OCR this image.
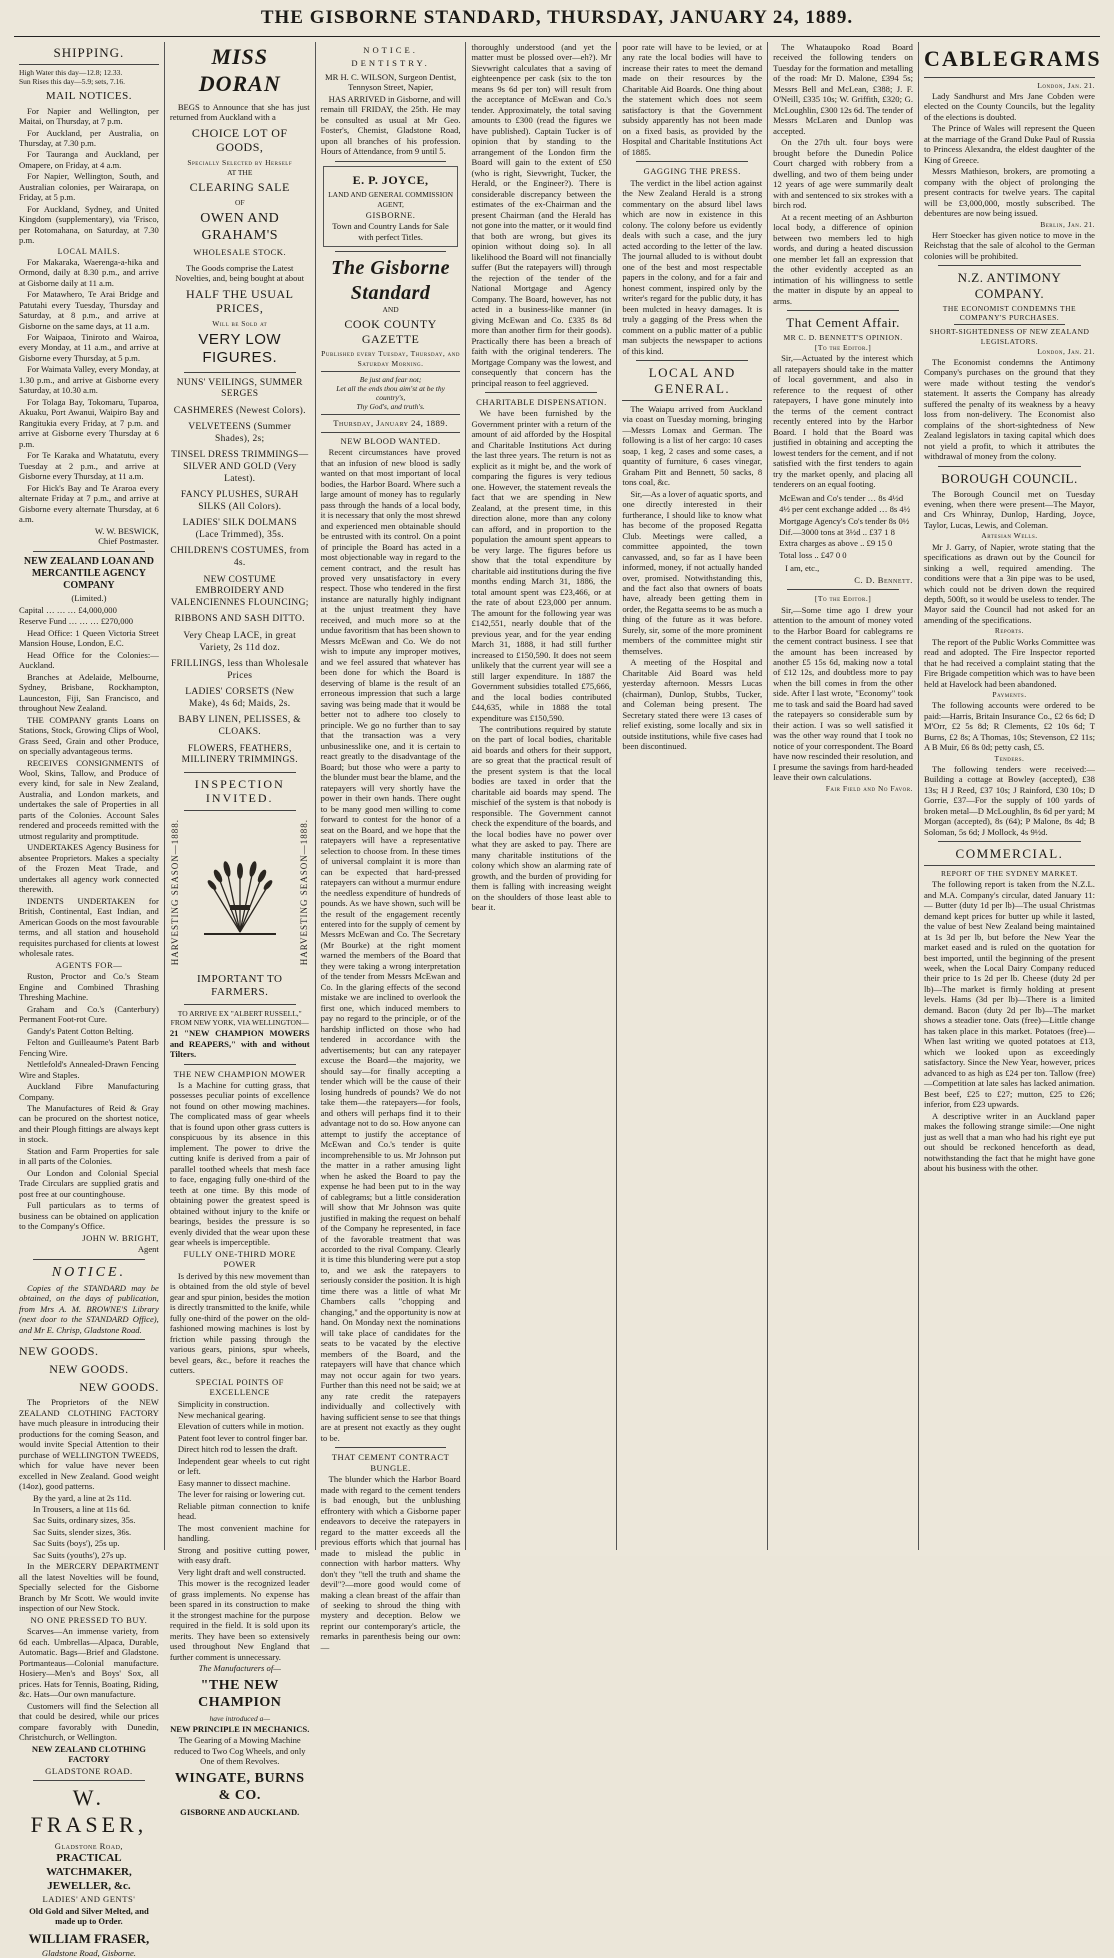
THE GISBORNE STANDARD, THURSDAY, JANUARY 24, 1889.
SHIPPING.

High Water this day—12.8; 12.33.
Sun Rises this day—5.9; sets, 7.16.

MAIL NOTICES.

For Napier and Wellington, per Maitai, on Thursday, at 7 p.m.

For Auckland, per Australia, on Thursday, at 7.30 p.m.

For Tauranga and Auckland, per Omapere, on Friday, at 4 a.m.

For Napier, Wellington, South, and Australian colonies, per Wairarapa, on Friday, at 5 p.m.

For Auckland, Sydney, and United Kingdom (supplementary), via 'Frisco, per Rotomahana, on Saturday, at 7.30 p.m.

LOCAL MAILS.

For Makaraka, Waerenga-a-hika and Ormond, daily at 8.30 p.m., and arrive at Gisborne daily at 11 a.m.

For Matawhero, Te Arai Bridge and Patutahi every Tuesday, Thursday and Saturday, at 8 p.m., and arrive at Gisborne on the same days, at 11 a.m.

For Waipaoa, Tiniroto and Wairoa, every Monday, at 11 a.m., and arrive at Gisborne every Thursday, at 5 p.m.

For Waimata Valley, every Monday, at 1.30 p.m., and arrive at Gisborne every Saturday, at 10.30 a.m.

For Tolaga Bay, Tokomaru, Tuparoa, Akuaku, Port Awanui, Waipiro Bay and Rangitukia every Friday, at 7 p.m. and arrive at Gisborne every Thursday at 6 p.m.

For Te Karaka and Whatatutu, every Tuesday at 2 p.m., and arrive at Gisborne every Thursday, at 11 a.m.

For Hick's Bay and Te Araroa every alternate Friday at 7 p.m., and arrive at Gisborne every alternate Thursday, at 6 a.m.

W. W. BESWICK,
Chief Postmaster.

NEW ZEALAND LOAN AND MERCANTILE AGENCY COMPANY

(Limited.)

Capital … … … £4,000,000

Reserve Fund … … … £270,000

Head Office: 1 Queen Victoria Street Mansion House, London, E.C.

Head Office for the Colonies:—Auckland.

Branches at Adelaide, Melbourne, Sydney, Brisbane, Rockhampton, Launceston, Fiji, San Francisco, and throughout New Zealand.

THE COMPANY grants Loans on Stations, Stock, Growing Clips of Wool, Grass Seed, Grain and other Produce, on specially advantageous terms.

RECEIVES CONSIGNMENTS of Wool, Skins, Tallow, and Produce of every kind, for sale in New Zealand, Australia, and London markets, and undertakes the sale of Properties in all parts of the Colonies. Account Sales rendered and proceeds remitted with the utmost regularity and promptitude.

UNDERTAKES Agency Business for absentee Proprietors. Makes a specialty of the Frozen Meat Trade, and undertakes all agency work connected therewith.

INDENTS UNDERTAKEN for British, Continental, East Indian, and American Goods on the most favourable terms, and all station and household requisites purchased for clients at lowest wholesale rates.

AGENTS FOR—

Ruston, Proctor and Co.'s Steam Engine and Combined Thrashing Threshing Machine.

Graham and Co.'s (Canterbury) Permanent Foot-rot Cure.

Gandy's Patent Cotton Belting.

Felton and Guilleaume's Patent Barb Fencing Wire.

Nettlefold's Annealed-Drawn Fencing Wire and Staples.

Auckland Fibre Manufacturing Company.

The Manufactures of Reid & Gray can be procured on the shortest notice, and their Plough fittings are always kept in stock.

Station and Farm Properties for sale in all parts of the Colonies.

Our London and Colonial Special Trade Circulars are supplied gratis and post free at our countinghouse.

Full particulars as to terms of business can be obtained on application to the Company's Office.

JOHN W. BRIGHT,

Agent

NOTICE.

Copies of the STANDARD may be obtained, on the days of publication, from Mrs A. M. BROWNE'S Library (next door to the STANDARD Office), and Mr E. Chrisp, Gladstone Road.

NEW GOODS.
NEW GOODS.
NEW GOODS.

The Proprietors of the NEW ZEALAND CLOTHING FACTORY have much pleasure in introducing their productions for the coming Season, and would invite Special Attention to their purchase of WELLINGTON TWEEDS, which for value have never been excelled in New Zealand. Good weight (14oz), good patterns.

By the yard, a line at 2s 11d.

In Trousers, a line at 11s 6d.

Sac Suits, ordinary sizes, 35s.

Sac Suits, slender sizes, 36s.

Sac Suits (boys'), 25s up.

Sac Suits (youths'), 27s up.

In the MERCERY DEPARTMENT all the latest Novelties will be found, Specially selected for the Gisborne Branch by Mr Scott. We would invite inspection of our New Stock.

NO ONE PRESSED TO BUY.

Scarves—An immense variety, from 6d each. Umbrellas—Alpaca, Durable, Automatic. Bags—Brief and Gladstone. Portmanteaus—Colonial manufacture. Hosiery—Men's and Boys' Sox, all prices. Hats for Tennis, Boating, Riding, &c. Hats—Our own manufacture.

Customers will find the Selection all that could be desired, while our prices compare favorably with Dunedin, Christchurch, or Wellington.

NEW ZEALAND CLOTHING FACTORY

GLADSTONE ROAD.

W. FRASER,

Gladstone Road,

PRACTICAL WATCHMAKER,

JEWELLER, &c.

LADIES' AND GENTS'

Old Gold and Silver Melted, and made up to Order.

WILLIAM FRASER,

Gladstone Road, Gisborne.

MISS DORAN

BEGS to Announce that she has just returned from Auckland with a

CHOICE LOT OF GOODS,

Specially Selected by Herself

AT THE

CLEARING SALE

OF

OWEN AND GRAHAM'S

WHOLESALE STOCK.

The Goods comprise the Latest Novelties, and, being bought at about

HALF THE USUAL PRICES,

Will be Sold at

VERY LOW FIGURES.

NUNS' VEILINGS, SUMMER SERGES

CASHMERES (Newest Colors).

VELVETEENS (Summer Shades), 2s;

TINSEL DRESS TRIMMINGS—SILVER AND GOLD (Very Latest).

FANCY PLUSHES, SURAH SILKS (All Colors).

LADIES' SILK DOLMANS (Lace Trimmed), 35s.

CHILDREN'S COSTUMES, from 4s.

NEW COSTUME EMBROIDERY AND VALENCIENNES FLOUNCING;

RIBBONS AND SASH DITTO.

Very Cheap LACE, in great Variety, 2s 11d doz.

FRILLINGS, less than Wholesale Prices

LADIES' CORSETS (New Make), 4s 6d; Maids, 2s.

BABY LINEN, PELISSES, & CLOAKS.

FLOWERS, FEATHERS, MILLINERY TRIMMINGS.

INSPECTION INVITED.
HARVESTING SEASON—1888.	HARVESTING SEASON—1888.
IMPORTANT TO FARMERS.

TO ARRIVE EX "ALBERT RUSSELL," FROM NEW YORK, VIA WELLINGTON—

21 "NEW CHAMPION MOWERS and REAPERS," with and without Tilters.

THE NEW CHAMPION MOWER

Is a Machine for cutting grass, that possesses peculiar points of excellence not found on other mowing machines. The complicated mass of gear wheels that is found upon other grass cutters is conspicuous by its absence in this implement. The power to drive the cutting knife is derived from a pair of parallel toothed wheels that mesh face to face, engaging fully one-third of the teeth at one time. By this mode of obtaining power the greatest speed is obtained without injury to the knife or bearings, besides the pressure is so evenly divided that the wear upon these gear wheels is imperceptible.

FULLY ONE-THIRD MORE POWER

Is derived by this new movement than is obtained from the old style of bevel gear and spur pinion, besides the motion is directly transmitted to the knife, while fully one-third of the power on the old-fashioned mowing machines is lost by friction while passing through the various gears, pinions, spur wheels, bevel gears, &c., before it reaches the cutters.

SPECIAL POINTS OF EXCELLENCE

Simplicity in construction.

New mechanical gearing.

Elevation of cutters while in motion.

Patent foot lever to control finger bar.

Direct hitch rod to lessen the draft.

Independent gear wheels to cut right or left.

Easy manner to dissect machine.

The lever for raising or lowering cut.

Reliable pitman connection to knife head.

The most convenient machine for handling.

Strong and positive cutting power, with easy draft.

Very light draft and well constructed.

This mower is the recognized leader of grass implements. No expense has been spared in its construction to make it the strongest machine for the purpose required in the field. It is sold upon its merits. They have been so extensively used throughout New England that further comment is unnecessary.

The Manufacturers of—

"THE NEW CHAMPION

have introduced a—

NEW PRINCIPLE IN MECHANICS.

The Gearing of a Mowing Machine reduced to Two Cog Wheels, and only One of them Revolves.

WINGATE, BURNS & CO.

GISBORNE AND AUCKLAND.

NOTICE.

DENTISTRY.

MR H. C. WILSON, Surgeon Dentist, Tennyson Street, Napier,

HAS ARRIVED in Gisborne, and will remain till FRIDAY, the 25th. He may be consulted as usual at Mr Geo. Foster's, Chemist, Gladstone Road, upon all branches of his profession. Hours of Attendance, from 9 until 5.

E. P. JOYCE,

LAND AND GENERAL COMMISSION AGENT,

GISBORNE.

Town and Country Lands for Sale with perfect Titles.

The Gisborne Standard

AND

COOK COUNTY GAZETTE

Published every Tuesday, Thursday, and Saturday Morning.

Be just and fear not;
Let all the ends thou aim'st at be thy country's,
Thy God's, and truth's.

Thursday, January 24, 1889.

NEW BLOOD WANTED.

Recent circumstances have proved that an infusion of new blood is sadly wanted on that most important of local bodies, the Harbor Board. Where such a large amount of money has to regularly pass through the hands of a local body, it is necessary that only the most shrewd and experienced men obtainable should be entrusted with its control. On a point of principle the Board has acted in a most objectionable way in regard to the cement contract, and the result has proved very unsatisfactory in every respect. Those who tendered in the first instance are naturally highly indignant at the unjust treatment they have received, and much more so at the undue favoritism that has been shown to Messrs McEwan and Co. We do not wish to impute any improper motives, and we feel assured that whatever has been done for which the Board is deserving of blame is the result of an erroneous impression that such a large saving was being made that it would be better not to adhere too closely to principle. We go no further than to say that the transaction was a very unbusinesslike one, and it is certain to react greatly to the disadvantage of the Board; but those who were a party to the blunder must bear the blame, and the ratepayers will very shortly have the power in their own hands. There ought to be many good men willing to come forward to contest for the honor of a seat on the Board, and we hope that the ratepayers will have a representative selection to choose from. In these times of universal complaint it is more than can be expected that hard-pressed ratepayers can without a murmur endure the needless expenditure of hundreds of pounds. As we have shown, such will be the result of the engagement recently entered into for the supply of cement by Messrs McEwan and Co. The Secretary (Mr Bourke) at the right moment warned the members of the Board that they were taking a wrong interpretation of the tender from Messrs McEwan and Co. In the glaring effects of the second mistake we are inclined to overlook the first one, which induced members to pay no regard to the principle, or of the hardship inflicted on those who had tendered in accordance with the advertisements; but can any ratepayer excuse the Board—the majority, we should say—for finally accepting a tender which will be the cause of their losing hundreds of pounds? We do not take them—the ratepayers—for fools, and others will perhaps find it to their advantage not to do so. How anyone can attempt to justify the acceptance of McEwan and Co.'s tender is quite incomprehensible to us. Mr Johnson put the matter in a rather amusing light when he asked the Board to pay the expense he had been put to in the way of cablegrams; but a little consideration will show that Mr Johnson was quite justified in making the request on behalf of the Company he represented, in face of the favorable treatment that was accorded to the rival Company. Clearly it is time this blundering were put a stop to, and we ask the ratepayers to seriously consider the position. It is high time there was a little of what Mr Chambers calls "chopping and changing," and the opportunity is now at hand. On Monday next the nominations will take place of candidates for the seats to be vacated by the elective members of the Board, and the ratepayers will have that chance which may not occur again for two years. Further than this need not be said; we at any rate credit the ratepayers individually and collectively with having sufficient sense to see that things are at present not exactly as they ought to be.

THAT CEMENT CONTRACT BUNGLE.

The blunder which the Harbor Board made with regard to the cement tenders is bad enough, but the unblushing effrontery with which a Gisborne paper endeavors to deceive the ratepayers in regard to the matter exceeds all the previous efforts which that journal has made to mislead the public in connection with harbor matters. Why don't they "tell the truth and shame the devil"?—more good would come of making a clean breast of the affair than of seeking to shroud the thing with mystery and deception. Below we reprint our contemporary's article, the remarks in parenthesis being our own:—

thoroughly understood (and yet the matter must be plossed over—eh?). Mr Sievwright calculates that a saving of eighteenpence per cask (six to the ton means 9s 6d per ton) will result from the acceptance of McEwan and Co.'s tender. Approximately, the total saving amounts to £300 (read the figures we have published). Captain Tucker is of opinion that by standing to the arrangement of the London firm the Board will gain to the extent of £50 (who is right, Sievwright, Tucker, the Herald, or the Engineer?). There is considerable discrepancy between the estimates of the ex-Chairman and the present Chairman (and the Herald has not gone into the matter, or it would find that both are wrong, but gives its opinion without doing so). In all likelihood the Board will not financially suffer (But the ratepayers will) through the rejection of the tender of the National Mortgage and Agency Company. The Board, however, has not acted in a business-like manner (in giving McEwan and Co. £335 8s 8d more than another firm for their goods). Practically there has been a breach of faith with the original tenderers. The Mortgage Company was the lowest, and consequently that concern has the principal reason to feel aggrieved.

CHARITABLE DISPENSATION.

We have been furnished by the Government printer with a return of the amount of aid afforded by the Hospital and Charitable Institutions Act during the last three years. The return is not as explicit as it might be, and the work of comparing the figures is very tedious one. However, the statement reveals the fact that we are spending in New Zealand, at the present time, in this direction alone, more than any colony can afford, and in proportion to the population the amount spent appears to be very large. The figures before us show that the total expenditure by charitable aid institutions during the five months ending March 31, 1886, the total amount spent was £23,466, or at the rate of about £23,000 per annum. The amount for the following year was £142,551, nearly double that of the previous year, and for the year ending March 31, 1888, it had still further increased to £150,590. It does not seem unlikely that the current year will see a still larger expenditure. In 1887 the Government subsidies totalled £75,666, and the local bodies contributed £44,635, while in 1888 the total expenditure was £150,590.

The contributions required by statute on the part of local bodies, charitable aid boards and others for their support, are so great that the practical result of the present system is that the local bodies are taxed in order that the charitable aid boards may spend. The mischief of the system is that nobody is responsible. The Government cannot check the expenditure of the boards, and the local bodies have no power over what they are asked to pay. There are many charitable institutions of the colony which show an alarming rate of growth, and the burden of providing for them is falling with increasing weight on the shoulders of those least able to bear it.

poor rate will have to be levied, or at any rate the local bodies will have to increase their rates to meet the demand made on their resources by the Charitable Aid Boards. One thing about the statement which does not seem satisfactory is that the Government subsidy apparently has not been made on a fixed basis, as provided by the Hospital and Charitable Institutions Act of 1885.

GAGGING THE PRESS.

The verdict in the libel action against the New Zealand Herald is a strong commentary on the absurd libel laws which are now in existence in this colony. The colony before us evidently deals with such a case, and the jury acted according to the letter of the law. The journal alluded to is without doubt one of the best and most respectable papers in the colony, and for a fair and honest comment, inspired only by the writer's regard for the public duty, it has been mulcted in heavy damages. It is truly a gagging of the Press when the comment on a public matter of a public man subjects the newspaper to actions of this kind.

LOCAL AND GENERAL.

The Waiapu arrived from Auckland via coast on Tuesday morning, bringing—Messrs Lomax and German. The following is a list of her cargo: 10 cases soap, 1 keg, 2 cases and some cases, a quantity of furniture, 6 cases vinegar, Graham Pitt and Bennett, 50 sacks, 8 tons coal, &c.

Sir,—As a lover of aquatic sports, and one directly interested in their furtherance, I should like to know what has become of the proposed Regatta Club. Meetings were called, a committee appointed, the town canvassed, and, so far as I have been informed, money, if not actually handed over, promised. Notwithstanding this, and the fact also that owners of boats have, already been getting them in order, the Regatta seems to be as much a thing of the future as it was before. Surely, sir, some of the more prominent members of the committee might stir themselves.

A meeting of the Hospital and Charitable Aid Board was held yesterday afternoon. Messrs Lucas (chairman), Dunlop, Stubbs, Tucker, and Coleman being present. The Secretary stated there were 13 cases of relief existing, some locally and six in outside institutions, while five cases had been discontinued.

The Whataupoko Road Board received the following tenders on Tuesday for the formation and metalling of the road: Mr D. Malone, £394 5s; Messrs Bell and McLean, £388; J. F. O'Neill, £335 10s; W. Griffith, £320; G. McLoughlin, £300 12s 6d. The tender of Messrs McLaren and Dunlop was accepted.

On the 27th ult. four boys were brought before the Dunedin Police Court charged with robbery from a dwelling, and two of them being under 12 years of age were summarily dealt with and sentenced to six strokes with a birch rod.

At a recent meeting of an Ashburton local body, a difference of opinion between two members led to high words, and during a heated discussion one member let fall an expression that the other evidently accepted as an intimation of his willingness to settle the matter in dispute by an appeal to arms.

That Cement Affair.

MR C. D. BENNETT'S OPINION.

[To the Editor.]

Sir,—Actuated by the interest which all ratepayers should take in the matter of local government, and also in reference to the request of other ratepayers, I have gone minutely into the terms of the cement contract recently entered into by the Harbor Board. I hold that the Board was justified in obtaining and accepting the lowest tenders for the cement, and if not satisfied with the first tenders to again try the market openly, and placing all tenderers on an equal footing.

McEwan and Co's tender … 8s 4½d

4½ per cent exchange added … 8s 4½

Mortgage Agency's Co's tender 8s 0½

Dif.—3000 tons at 3½d .. £37 1 8

Extra charges as above .. £9 15 0

Total loss .. £47 0 0

I am, etc.,

C. D. Bennett.

[To the Editor.]

Sir,—Some time ago I drew your attention to the amount of money voted to the Harbor Board for cablegrams re the cement contract business. I see that the amount has been increased by another £5 15s 6d, making now a total of £12 12s, and doubtless more to pay when the bill comes in from the other side. After I last wrote, "Economy" took me to task and said the Board had saved the ratepayers so considerable sum by their action. I was so well satisfied it was the other way round that I took no notice of your correspondent. The Board have now rescinded their resolution, and I presume the savings from hard-headed leave their own calculations.

Fair Field and No Favor.

CABLEGRAMS

London, Jan. 21.

Lady Sandhurst and Mrs Jane Cobden were elected on the County Councils, but the legality of the elections is doubted.

The Prince of Wales will represent the Queen at the marriage of the Grand Duke Paul of Russia to Princess Alexandra, the eldest daughter of the King of Greece.

Messrs Mathieson, brokers, are promoting a company with the object of prolonging the present contracts for twelve years. The capital will be £3,000,000, mostly subscribed. The debentures are now being issued.

Berlin, Jan. 21.

Herr Stoecker has given notice to move in the Reichstag that the sale of alcohol to the German colonies will be prohibited.

N.Z. ANTIMONY COMPANY.

THE ECONOMIST CONDEMNS THE COMPANY'S PURCHASES.

SHORT-SIGHTEDNESS OF NEW ZEALAND LEGISLATORS.

London, Jan. 21.

The Economist condemns the Antimony Company's purchases on the ground that they were made without testing the vendor's statement. It asserts the Company has already suffered the penalty of its weakness by a heavy loss from non-delivery. The Economist also complains of the short-sightedness of New Zealand legislators in taxing capital which does not yield a profit, to which it attributes the withdrawal of money from the colony.

BOROUGH COUNCIL.

The Borough Council met on Tuesday evening, when there were present—The Mayor, and Crs Whinray, Dunlop, Harding, Joyce, Taylor, Lucas, Lewis, and Coleman.

Artesian Wells.

Mr J. Garry, of Napier, wrote stating that the specifications as drawn out by the Council for sinking a well, required amending. The conditions were that a 3in pipe was to be used, which could not be driven down the required depth, 500ft, so it would be useless to tender. The Mayor said the Council had not asked for an amending of the specifications.

Reports.

The report of the Public Works Committee was read and adopted. The Fire Inspector reported that he had received a complaint stating that the Fire Brigade competition which was to have been held at Havelock had been abandoned.

Payments.

The following accounts were ordered to be paid:—Harris, Britain Insurance Co., £2 6s 6d; D M'Orr, £2 5s 8d; R Clements, £2 10s 6d; T Burns, £2 8s; A Thomas, 10s; Stevenson, £2 11s; A B Muir, £6 8s 0d; petty cash, £5.

Tenders.

The following tenders were received:—Building a cottage at Bowley (accepted), £38 13s; H J Reed, £37 10s; J Rainford, £30 10s; D Gorrie, £37—For the supply of 100 yards of broken metal—D McLoughlin, 8s 6d per yard; M Morgan (accepted), 8s (64); P Malone, 8s 4d; B Soloman, 5s 6d; J Mollock, 4s 9½d.

COMMERCIAL.

REPORT OF THE SYDNEY MARKET.

The following report is taken from the N.Z.L. and M.A. Company's circular, dated January 11:— Butter (duty 1d per lb)—The usual Christmas demand kept prices for butter up while it lasted, the value of best New Zealand being maintained at 1s 3d per lb, but before the New Year the market eased and is ruled on the quotation for best imported, until the beginning of the present week, when the Local Dairy Company reduced their price to 1s 2d per lb. Cheese (duty 2d per lb)—The market is firmly holding at present levels. Hams (3d per lb)—There is a limited demand. Bacon (duty 2d per lb)—The market shows a steadier tone. Oats (free)—Little change has taken place in this market. Potatoes (free)—When last writing we quoted potatoes at £13, which we looked upon as exceedingly satisfactory. Since the New Year, however, prices advanced to as high as £24 per ton. Tallow (free)—Competition at late sales has lacked animation. Best beef, £25 to £27; mutton, £25 to £26; inferior, from £23 upwards.

A descriptive writer in an Auckland paper makes the following strange simile:—One night just as well that a man who had his right eye put out should be reckoned henceforth as dead, notwithstanding the fact that he might have gone about his business with the other.
